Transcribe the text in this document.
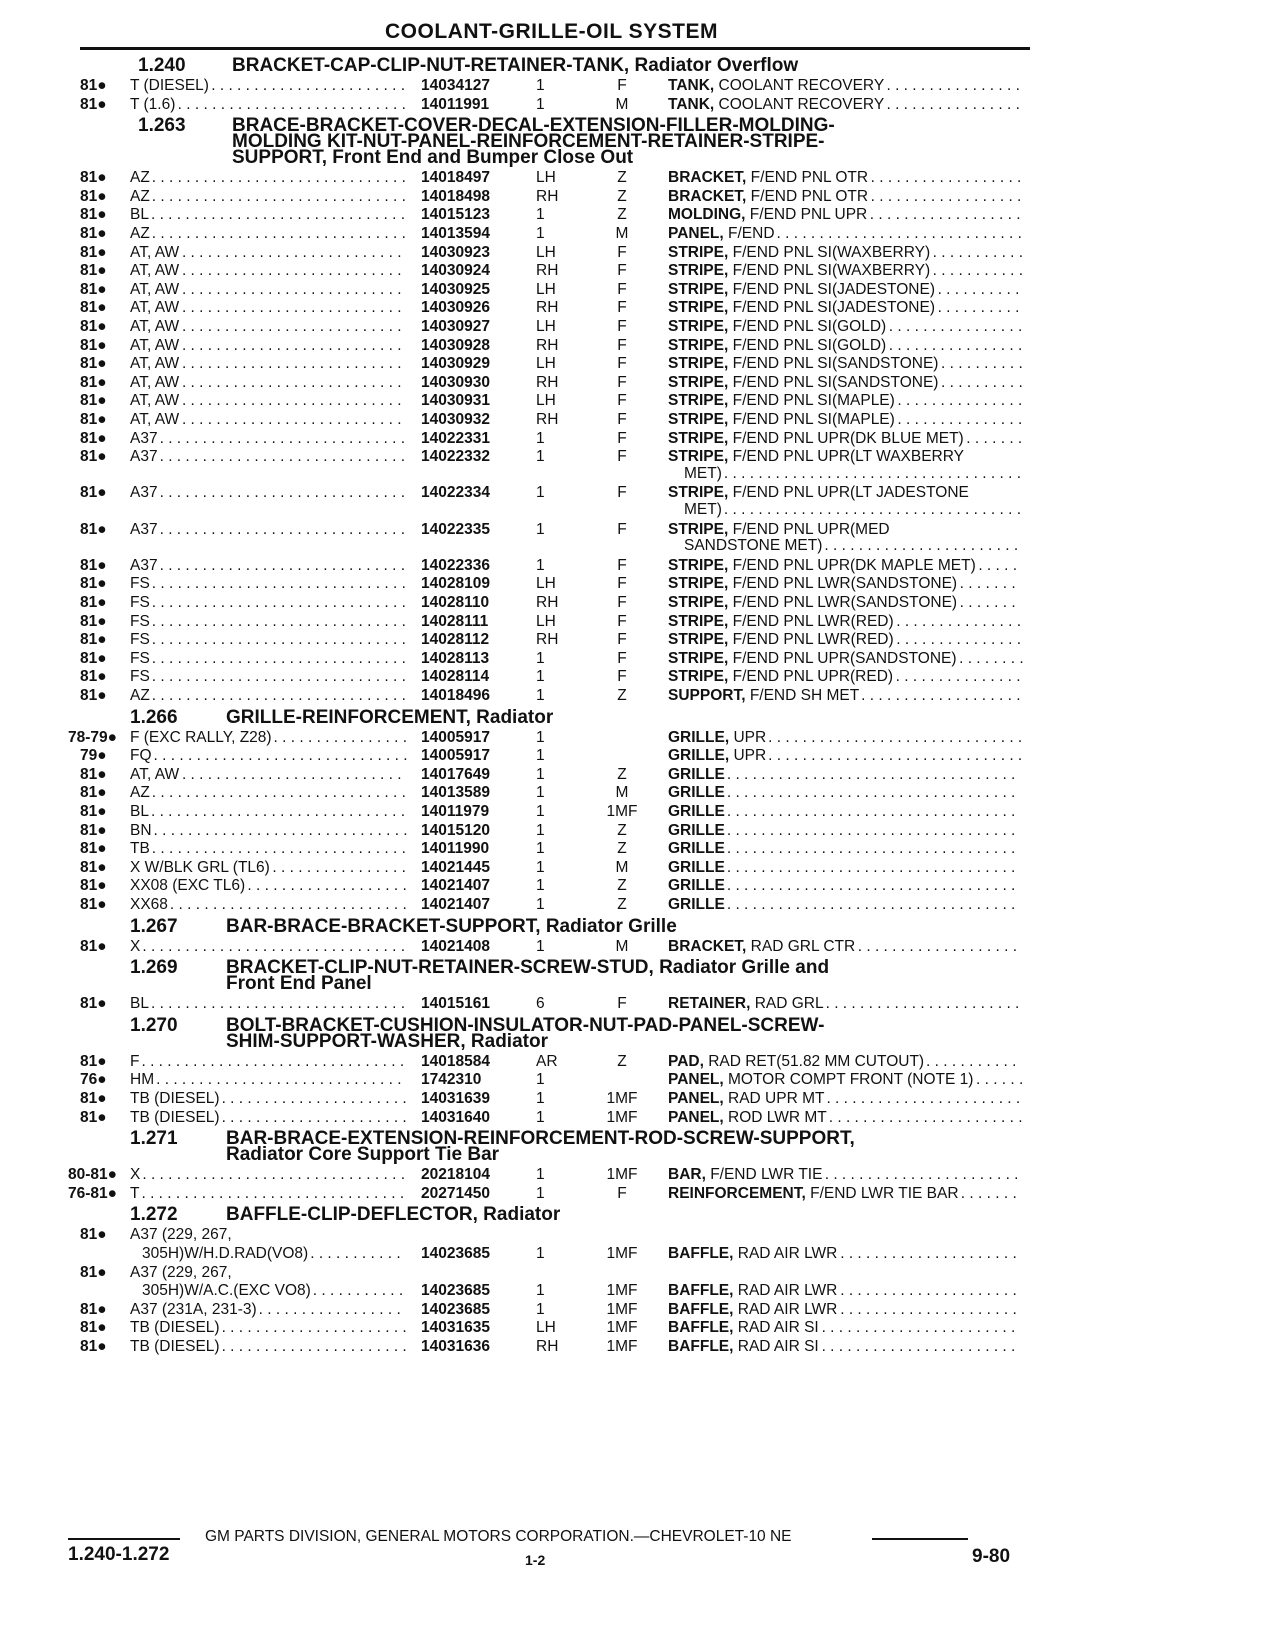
COOLANT-GRILLE-OIL SYSTEM
1.240 BRACKET-CAP-CLIP-NUT-RETAINER-TANK, Radiator Overflow
81● T (DIESEL) . . . . . . . . . . . . . . . . . . . . . . . 14034127	1	F	TANK, COOLANT RECOVERY . . . . . . . . . . . . . . . .
81● T (1.6) . . . . . . . . . . . . . . . . . . . . . . . . . . . 14011991	1	M	TANK, COOLANT RECOVERY . . . . . . . . . . . . . . . .
1.263 BRACE-BRACKET-COVER-DECAL-EXTENSION-FILLER-MOLDING-
MOLDING KIT-NUT-PANEL-REINFORCEMENT-RETAINER-STRIPE-
SUPPORT, Front End and Bumper Close Out
81● AZ . . . . . . . . . . . . . . . . . . . . . . . . . . . . . . 14018497	LH	Z	BRACKET, F/END PNL OTR . . . . . . . . . . . . . . . . . .
81● AZ . . . . . . . . . . . . . . . . . . . . . . . . . . . . . . 14018498	RH	Z	BRACKET, F/END PNL OTR . . . . . . . . . . . . . . . . . .
81● BL . . . . . . . . . . . . . . . . . . . . . . . . . . . . . . 14015123	1	Z	MOLDING, F/END PNL UPR . . . . . . . . . . . . . . . . . .
81● AZ . . . . . . . . . . . . . . . . . . . . . . . . . . . . . . 14013594	1	M	PANEL, F/END . . . . . . . . . . . . . . . . . . . . . . . . . . . . .
81● AT, AW . . . . . . . . . . . . . . . . . . . . . . . . . . 14030923	LH	F	STRIPE, F/END PNL SI(WAXBERRY) . . . . . . . . . . .
81● AT, AW . . . . . . . . . . . . . . . . . . . . . . . . . . 14030924	RH	F	STRIPE, F/END PNL SI(WAXBERRY) . . . . . . . . . . .
81● AT, AW . . . . . . . . . . . . . . . . . . . . . . . . . . 14030925	LH	F	STRIPE, F/END PNL SI(JADESTONE) . . . . . . . . . .
81● AT, AW . . . . . . . . . . . . . . . . . . . . . . . . . . 14030926	RH	F	STRIPE, F/END PNL SI(JADESTONE) . . . . . . . . . .
81● AT, AW . . . . . . . . . . . . . . . . . . . . . . . . . . 14030927	LH	F	STRIPE, F/END PNL SI(GOLD) . . . . . . . . . . . . . . . .
81● AT, AW . . . . . . . . . . . . . . . . . . . . . . . . . . 14030928	RH	F	STRIPE, F/END PNL SI(GOLD) . . . . . . . . . . . . . . . .
81● AT, AW . . . . . . . . . . . . . . . . . . . . . . . . . . 14030929	LH	F	STRIPE, F/END PNL SI(SANDSTONE) . . . . . . . . . .
81● AT, AW . . . . . . . . . . . . . . . . . . . . . . . . . . 14030930	RH	F	STRIPE, F/END PNL SI(SANDSTONE) . . . . . . . . . .
81● AT, AW . . . . . . . . . . . . . . . . . . . . . . . . . . 14030931	LH	F	STRIPE, F/END PNL SI(MAPLE) . . . . . . . . . . . . . . .
81● AT, AW . . . . . . . . . . . . . . . . . . . . . . . . . . 14030932	RH	F	STRIPE, F/END PNL SI(MAPLE) . . . . . . . . . . . . . . .
81● A37 . . . . . . . . . . . . . . . . . . . . . . . . . . . . . 14022331	1	F	STRIPE, F/END PNL UPR(DK BLUE MET) . . . . . . .
81● A37 . . . . . . . . . . . . . . . . . . . . . . . . . . . . . 14022332	1	F	STRIPE, F/END PNL UPR(LT WAXBERRY
MET) . . . . . . . . . . . . . . . . . . . . . . . . . . . . . . . . . . .
81● A37 . . . . . . . . . . . . . . . . . . . . . . . . . . . . . 14022334	1	F	STRIPE, F/END PNL UPR(LT JADESTONE
MET) . . . . . . . . . . . . . . . . . . . . . . . . . . . . . . . . . . .
81● A37 . . . . . . . . . . . . . . . . . . . . . . . . . . . . . 14022335	1	F	STRIPE, F/END PNL UPR(MED
SANDSTONE MET) . . . . . . . . . . . . . . . . . . . . . . .
81● A37 . . . . . . . . . . . . . . . . . . . . . . . . . . . . . 14022336	1	F	STRIPE, F/END PNL UPR(DK MAPLE MET) . . . . .
81● FS . . . . . . . . . . . . . . . . . . . . . . . . . . . . . . 14028109	LH	F	STRIPE, F/END PNL LWR(SANDSTONE) . . . . . . .
81● FS . . . . . . . . . . . . . . . . . . . . . . . . . . . . . . 14028110	RH	F	STRIPE, F/END PNL LWR(SANDSTONE) . . . . . . .
81● FS . . . . . . . . . . . . . . . . . . . . . . . . . . . . . . 14028111	LH	F	STRIPE, F/END PNL LWR(RED) . . . . . . . . . . . . . . .
81● FS . . . . . . . . . . . . . . . . . . . . . . . . . . . . . . 14028112	RH	F	STRIPE, F/END PNL LWR(RED) . . . . . . . . . . . . . . .
81● FS . . . . . . . . . . . . . . . . . . . . . . . . . . . . . . 14028113	1	F	STRIPE, F/END PNL UPR(SANDSTONE) . . . . . . . .
81● FS . . . . . . . . . . . . . . . . . . . . . . . . . . . . . . 14028114	1	F	STRIPE, F/END PNL UPR(RED) . . . . . . . . . . . . . . .
81● AZ . . . . . . . . . . . . . . . . . . . . . . . . . . . . . . 14018496	1	Z	SUPPORT, F/END SH MET . . . . . . . . . . . . . . . . . . .
1.266	GRILLE-REINFORCEMENT, Radiator
78-79● F (EXC RALLY, Z28) . . . . . . . . . . . . . . . . 14005917	1	GRILLE, UPR . . . . . . . . . . . . . . . . . . . . . . . . . . . . . .
79● FQ . . . . . . . . . . . . . . . . . . . . . . . . . . . . . . 14005917	1	GRILLE, UPR . . . . . . . . . . . . . . . . . . . . . . . . . . . . . .
81● AT, AW . . . . . . . . . . . . . . . . . . . . . . . . . . 14017649	1	Z	GRILLE . . . . . . . . . . . . . . . . . . . . . . . . . . . . . . . . . .
81● AZ . . . . . . . . . . . . . . . . . . . . . . . . . . . . . . 14013589	1	M	GRILLE . . . . . . . . . . . . . . . . . . . . . . . . . . . . . . . . . .
81● BL . . . . . . . . . . . . . . . . . . . . . . . . . . . . . . 14011979	1	1MF GRILLE . . . . . . . . . . . . . . . . . . . . . . . . . . . . . . . . . .
81● BN . . . . . . . . . . . . . . . . . . . . . . . . . . . . . . 14015120	1	Z	GRILLE . . . . . . . . . . . . . . . . . . . . . . . . . . . . . . . . . .
81● TB . . . . . . . . . . . . . . . . . . . . . . . . . . . . . . 14011990	1	Z	GRILLE . . . . . . . . . . . . . . . . . . . . . . . . . . . . . . . . . .
81● X W/BLK GRL (TL6) . . . . . . . . . . . . . . . . 14021445	1	M	GRILLE . . . . . . . . . . . . . . . . . . . . . . . . . . . . . . . . . .
81● XX08 (EXC TL6) . . . . . . . . . . . . . . . . . . . 14021407	1	Z	GRILLE . . . . . . . . . . . . . . . . . . . . . . . . . . . . . . . . . .
81● XX68 . . . . . . . . . . . . . . . . . . . . . . . . . . . . 14021407	1	Z	GRILLE . . . . . . . . . . . . . . . . . . . . . . . . . . . . . . . . . .
1.267	BAR-BRACE-BRACKET-SUPPORT, Radiator Grille
81● X . . . . . . . . . . . . . . . . . . . . . . . . . . . . . . . 14021408	1	M	BRACKET, RAD GRL CTR . . . . . . . . . . . . . . . . . . .
1.269	BRACKET-CLIP-NUT-RETAINER-SCREW-STUD, Radiator Grille and
Front End Panel
81● BL . . . . . . . . . . . . . . . . . . . . . . . . . . . . . . 14015161	6	F	RETAINER, RAD GRL . . . . . . . . . . . . . . . . . . . . . . .
1.270	BOLT-BRACKET-CUSHION-INSULATOR-NUT-PAD-PANEL-SCREW-
SHIM-SUPPORT-WASHER, Radiator
81● F . . . . . . . . . . . . . . . . . . . . . . . . . . . . . . . 14018584	AR	Z	PAD, RAD RET(51.82 MM CUTOUT) . . . . . . . . . . .
76● HM . . . . . . . . . . . . . . . . . . . . . . . . . . . . . 1742310	1	PANEL, MOTOR COMPT FRONT (NOTE 1) . . . . . .
81● TB (DIESEL) . . . . . . . . . . . . . . . . . . . . . . 14031639	1	1MF PANEL, RAD UPR MT . . . . . . . . . . . . . . . . . . . . . . .
81● TB (DIESEL) . . . . . . . . . . . . . . . . . . . . . . 14031640	1	1MF PANEL, ROD LWR MT . . . . . . . . . . . . . . . . . . . . . . .
1.271	BAR-BRACE-EXTENSION-REINFORCEMENT-ROD-SCREW-SUPPORT,
Radiator Core Support Tie Bar
80-81● X . . . . . . . . . . . . . . . . . . . . . . . . . . . . . . . 20218104	1	1MF BAR, F/END LWR TIE . . . . . . . . . . . . . . . . . . . . . . .
76-81● T . . . . . . . . . . . . . . . . . . . . . . . . . . . . . . . 20271450	1	F	REINFORCEMENT, F/END LWR TIE BAR . . . . . . .
1.272	BAFFLE-CLIP-DEFLECTOR, Radiator
81● A37 (229, 267,
305H)W/H.D.RAD(VO8) . . . . . . . . . . . 14023685	1	1MF BAFFLE, RAD AIR LWR . . . . . . . . . . . . . . . . . . . . .
81● A37 (229, 267,
305H)W/A.C.(EXC VO8) . . . . . . . . . . . 14023685	1	1MF BAFFLE, RAD AIR LWR . . . . . . . . . . . . . . . . . . . . .
81● A37 (231A, 231-3) . . . . . . . . . . . . . . . . . 14023685	1	1MF BAFFLE, RAD AIR LWR . . . . . . . . . . . . . . . . . . . . .
81● TB (DIESEL) . . . . . . . . . . . . . . . . . . . . . . 14031635	LH	1MF BAFFLE, RAD AIR SI . . . . . . . . . . . . . . . . . . . . . . .
81● TB (DIESEL) . . . . . . . . . . . . . . . . . . . . . . 14031636	RH	1MF BAFFLE, RAD AIR SI . . . . . . . . . . . . . . . . . . . . . . .
GM PARTS DIVISION, GENERAL MOTORS CORPORATION.—CHEVROLET-10 NE
1.240-1.272	1-2	9-80
